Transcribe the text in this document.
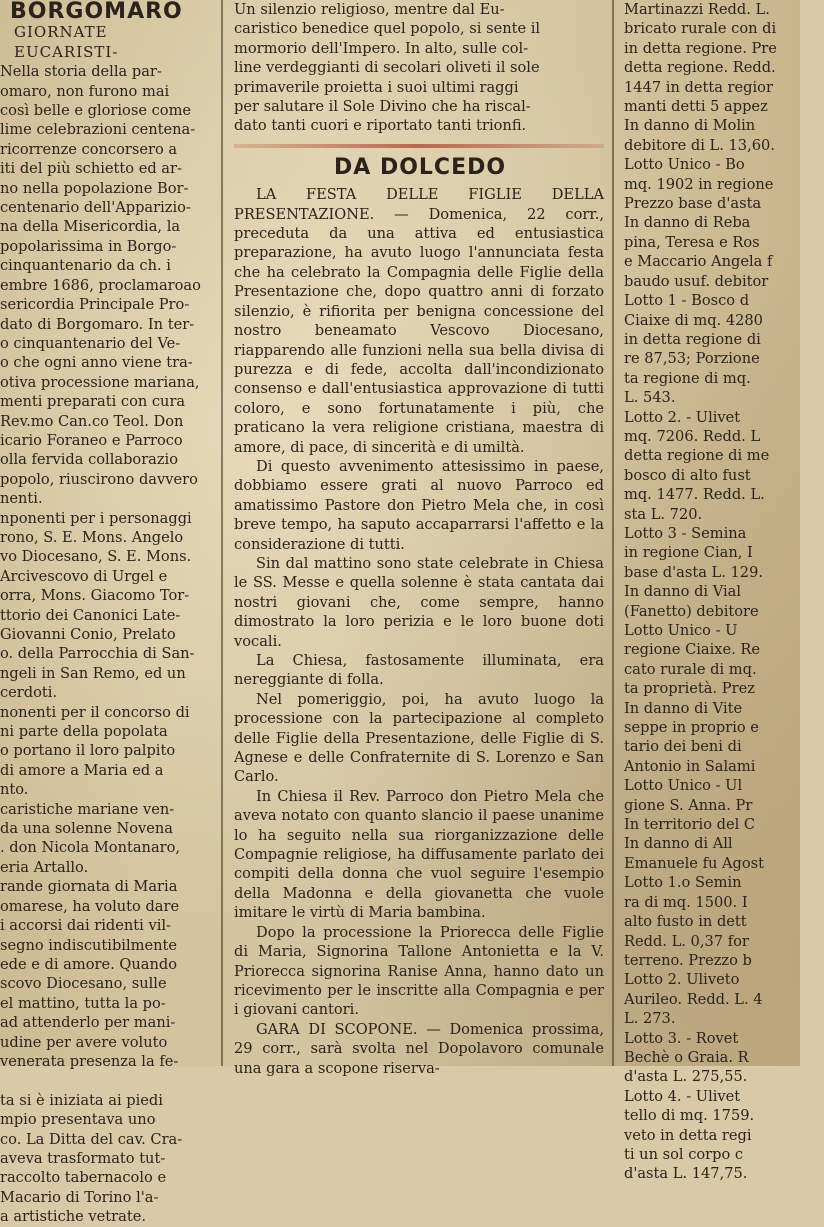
BORGOMARO
GIORNATE EUCARISTI-

Nella storia della par-

omaro, non furono mai

così belle e gloriose come

lime celebrazioni centena-

ricorrenze concorsero a

iti del più schietto ed ar-

no nella popolazione Bor-

centenario dell'Apparizio-

na della Misericordia, la

popolarissima in Borgo-

cinquantenario da ch. i

embre 1686, proclamaroao

sericordia Principale Pro-

dato di Borgomaro. In ter-

o cinquantenario del Ve-

o che ogni anno viene tra-

otiva processione mariana,

menti preparati con cura

Rev.mo Can.co Teol. Don

icario Foraneo e Parroco

olla fervida collaborazio

popolo, riuscirono davvero

nenti.

nponenti per i personaggi

rono, S. E. Mons. Angelo

vo Diocesano, S. E. Mons.

Arcivescovo di Urgel e

orra, Mons. Giacomo Tor-

ttorio dei Canonici Late-

Giovanni Conio, Prelato

o. della Parrocchia di San-

ngeli in San Remo, ed un

cerdoti.

nonenti per il concorso di

ni parte della popolata

o portano il loro palpito

di amore a Maria ed a

nto.

caristiche mariane ven-

da una solenne Novena

. don Nicola Montanaro,

eria Artallo.

rande giornata di Maria

omarese, ha voluto dare

i accorsi dai ridenti vil-

segno indiscutibilmente

ede e di amore. Quando

scovo Diocesano, sulle

el mattino, tutta la po-

ad attenderlo per mani-

udine per avere voluto

venerata presenza la fe-

ta si è iniziata ai piedi

mpio presentava uno

co. La Ditta del cav. Cra-

aveva trasformato tut-

raccolto tabernacolo e

Macario di Torino l'a-

a artistiche vetrate.

Un silenzio religioso, mentre dal Eu-

caristico benedice quel popolo, si sente il

mormorio dell'Impero. In alto, sulle col-

line verdeggianti di secolari oliveti il sole

primaverile proietta i suoi ultimi raggi

per salutare il Sole Divino che ha riscal-

dato tanti cuori e riportato tanti trionfi.

DA DOLCEDO

LA FESTA DELLE FIGLIE DELLA PRESENTAZIONE. — Domenica, 22 corr., preceduta da una attiva ed entusiastica preparazione, ha avuto luogo l'annunciata festa che ha celebrato la Compagnia delle Figlie della Presentazione che, dopo quattro anni di forzato silenzio, è rifiorita per benigna concessione del nostro beneamato Vescovo Diocesano, riapparendo alle funzioni nella sua bella divisa di purezza e di fede, accolta dall'incondizionato consenso e dall'entusiastica approvazione di tutti coloro, e sono fortunatamente i più, che praticano la vera religione cristiana, maestra di amore, di pace, di sincerità e di umiltà.

Di questo avvenimento attesissimo in paese, dobbiamo essere grati al nuovo Parroco ed amatissimo Pastore don Pietro Mela che, in così breve tempo, ha saputo accaparrarsi l'affetto e la considerazione di tutti.

Sin dal mattino sono state celebrate in Chiesa le SS. Messe e quella solenne è stata cantata dai nostri giovani che, come sempre, hanno dimostrato la loro perizia e le loro buone doti vocali.

La Chiesa, fastosamente illuminata, era nereggiante di folla.

Nel pomeriggio, poi, ha avuto luogo la processione con la partecipazione al completo delle Figlie della Presentazione, delle Figlie di S. Agnese e delle Confraternite di S. Lorenzo e San Carlo.

In Chiesa il Rev. Parroco don Pietro Mela che aveva notato con quanto slancio il paese unanime lo ha seguito nella sua riorganizzazione delle Compagnie religiose, ha diffusamente parlato dei compiti della donna che vuol seguire l'esempio della Madonna e della giovanetta che vuole imitare le virtù di Maria bambina.

Dopo la processione la Priorессa delle Figlie di Maria, Signorina Tallone Antonietta e la V. Priorессa signorina Ranise Anna, hanno dato un ricevimento per le inscritte alla Compagnia e per i giovani cantori.

GARA DI SCOPONE. — Domenica prossima, 29 corr., sarà svolta nel Dopolavoro comunale una gara a scopone riserva-

Martinazzi Redd. L.

bricato rurale con di

in detta regione. Pre

detta regione. Redd.

1447 in detta regior

manti detti 5 appez

In danno di Molin

debitore di L. 13,60.

Lotto Unico - Bo

mq. 1902 in regione

Prezzo base d'asta

In danno di Reba

pina, Teresa e Ros

e Maccario Angela f

baudo usuf. debitor

Lotto 1 - Bosco d

Ciaixe di mq. 4280

in detta regione di

re 87,53; Porzione

ta regione di mq.

L. 543.

Lotto 2. - Ulivet

mq. 7206. Redd. L

detta regione di me

bosco di alto fust

mq. 1477. Redd. L.

sta L. 720.

Lotto 3 - Semina

in regione Cian, I

base d'asta L. 129.

In danno di Vial

(Fanetto) debitore

Lotto Unico - U

regione Ciaixe. Re

cato rurale di mq.

ta proprietà. Prez

In danno di Vite

seppe in proprio e

tario dei beni di

Antonio in Salami

Lotto Unico - Ul

gione S. Anna. Pr

In territorio del C

In danno di All

Emanuele fu Agost

Lotto 1.o Semin

ra di mq. 1500. I

alto fusto in dett

Redd. L. 0,37 for

terreno. Prezzo b

Lotto 2. Uliveto

Aurileo. Redd. L. 4

L. 273.

Lotto 3. - Rovet

Bechè o Graia. R

d'asta L. 275,55.

Lotto 4. - Ulivet

tello di mq. 1759.

veto in detta regi

ti un sol corpo c

d'asta L. 147,75.
